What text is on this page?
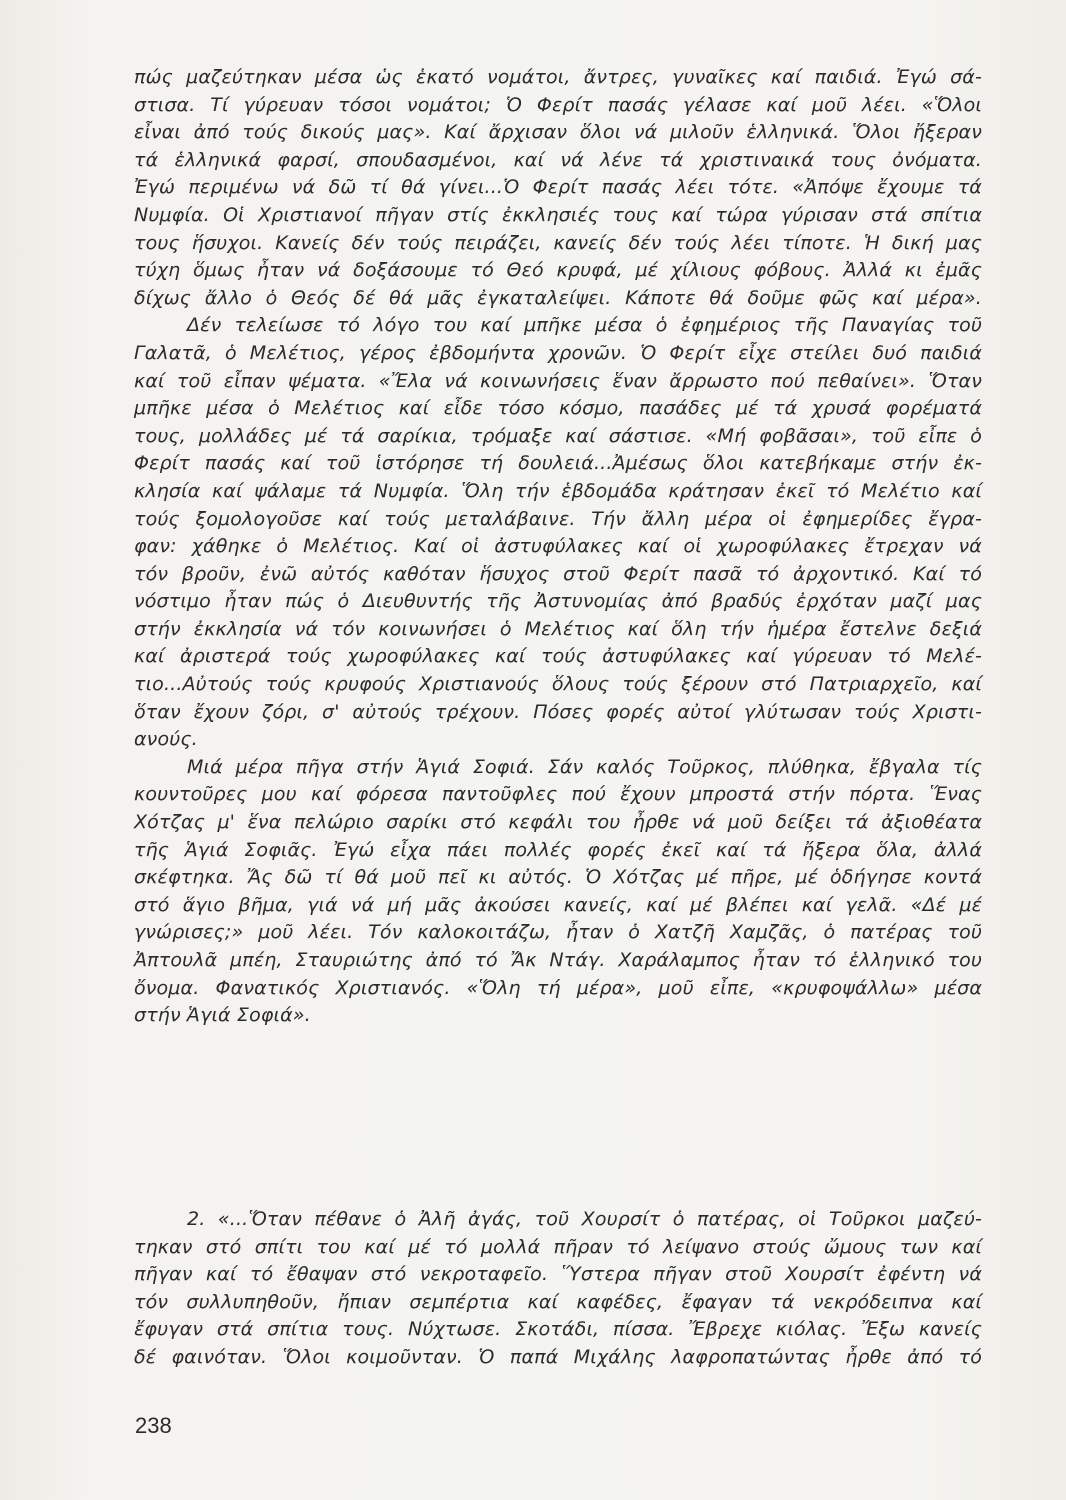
πώς μαζεύτηκαν μέσα ὡς ἑκατό νομάτοι, ἄντρες, γυναῖκες καί παιδιά. Ἐγώ σά-
στισα. Τί γύρευαν τόσοι νομάτοι; Ὁ Φερίτ πασάς γέλασε καί μοῦ λέει. «Ὅλοι
εἶναι ἀπό τούς δικούς μας». Καί ἄρχισαν ὅλοι νά μιλοῦν ἑλληνικά. Ὅλοι ἤξεραν
τά ἑλληνικά φαρσί, σπουδασμένοι, καί νά λένε τά χριστιναικά τους ὀνόματα.
Ἐγώ περιμένω νά δῶ τί θά γίνει...Ὁ Φερίτ πασάς λέει τότε. «Ἀπόψε ἔχουμε τά
Νυμφία. Οἱ Χριστιανοί πῆγαν στίς ἐκκλησιές τους καί τώρα γύρισαν στά σπίτια
τους ἥσυχοι. Κανείς δέν τούς πειράζει, κανείς δέν τούς λέει τίποτε. Ἡ δική μας
τύχη ὅμως ἦταν νά δοξάσουμε τό Θεό κρυφά, μέ χίλιους φόβους. Ἀλλά κι ἐμᾶς
δίχως ἄλλο ὁ Θεός δέ θά μᾶς ἐγκαταλείψει. Κάποτε θά δοῦμε φῶς καί μέρα».

Δέν τελείωσε τό λόγο του καί μπῆκε μέσα ὁ ἐφημέριος τῆς Παναγίας τοῦ
Γαλατᾶ, ὁ Μελέτιος, γέρος ἐβδομήντα χρονῶν. Ὁ Φερίτ εἶχε στείλει δυό παιδιά
καί τοῦ εἶπαν ψέματα. «Ἔλα νά κοινωνήσεις ἕναν ἄρρωστο πού πεθαίνει». Ὅταν
μπῆκε μέσα ὁ Μελέτιος καί εἶδε τόσο κόσμο, πασάδες μέ τά χρυσά φορέματά
τους, μολλάδες μέ τά σαρίκια, τρόμαξε καί σάστισε. «Μή φοβᾶσαι», τοῦ εἶπε ὁ
Φερίτ πασάς καί τοῦ ἱστόρησε τή δουλειά...Ἀμέσως ὅλοι κατεβήκαμε στήν ἐκ-
κλησία καί ψάλαμε τά Νυμφία. Ὅλη τήν ἑβδομάδα κράτησαν ἐκεῖ τό Μελέτιο καί
τούς ξομολογοῦσε καί τούς μεταλάβαινε. Τήν ἄλλη μέρα οἱ ἐφημερίδες ἔγρα-
φαν: χάθηκε ὁ Μελέτιος. Καί οἱ ἀστυφύλακες καί οἱ χωροφύλακες ἔτρεχαν νά
τόν βροῦν, ἐνῶ αὐτός καθόταν ἥσυχος στοῦ Φερίτ πασᾶ τό ἀρχοντικό. Καί τό
νόστιμο ἦταν πώς ὁ Διευθυντής τῆς Ἀστυνομίας ἀπό βραδύς ἐρχόταν μαζί μας
στήν ἐκκλησία νά τόν κοινωνήσει ὁ Μελέτιος καί ὅλη τήν ἡμέρα ἔστελνε δεξιά
καί ἀριστερά τούς χωροφύλακες καί τούς ἀστυφύλακες καί γύρευαν τό Μελέ-
τιο...Αὐτούς τούς κρυφούς Χριστιανούς ὅλους τούς ξέρουν στό Πατριαρχεῖο, καί
ὅταν ἔχουν ζόρι, σ' αὐτούς τρέχουν. Πόσες φορές αὐτοί γλύτωσαν τούς Χριστι-
ανούς.

Μιά μέρα πῆγα στήν Ἁγιά Σοφιά. Σάν καλός Τοῦρκος, πλύθηκα, ἔβγαλα τίς
κουντοῦρες μου καί φόρεσα παντοῦφλες πού ἔχουν μπροστά στήν πόρτα. Ἕνας
Χότζας μ' ἕνα πελώριο σαρίκι στό κεφάλι του ἦρθε νά μοῦ δείξει τά ἀξιοθέατα
τῆς Ἁγιά Σοφιᾶς. Ἐγώ εἶχα πάει πολλές φορές ἐκεῖ καί τά ἤξερα ὅλα, ἀλλά
σκέφτηκα. Ἄς δῶ τί θά μοῦ πεῖ κι αὐτός. Ὁ Χότζας μέ πῆρε, μέ ὁδήγησε κοντά
στό ἅγιο βῆμα, γιά νά μή μᾶς ἀκούσει κανείς, καί μέ βλέπει καί γελᾶ. «Δέ μέ
γνώρισες;» μοῦ λέει. Τόν καλοκοιτάζω, ἦταν ὁ Χατζῆ Χαμζᾶς, ὁ πατέρας τοῦ
Ἀπτουλᾶ μπέη, Σταυριώτης ἀπό τό Ἄκ Ντάγ. Χαράλαμπος ἦταν τό ἑλληνικό του
ὄνομα. Φανατικός Χριστιανός. «Ὅλη τή μέρα», μοῦ εἶπε, «κρυφοψάλλω» μέσα
στήν Ἁγιά Σοφιά».

2. «...Ὅταν πέθανε ὁ Ἀλῆ ἀγάς, τοῦ Χουρσίτ ὁ πατέρας, οἱ Τοῦρκοι μαζεύ-
τηκαν στό σπίτι του καί μέ τό μολλά πῆραν τό λείψανο στούς ὤμους των καί
πῆγαν καί τό ἔθαψαν στό νεκροταφεῖο. Ὕστερα πῆγαν στοῦ Χουρσίτ ἐφέντη νά
τόν συλλυπηθοῦν, ἤπιαν σεμπέρτια καί καφέδες, ἔφαγαν τά νεκρόδειπνα καί
ἔφυγαν στά σπίτια τους. Νύχτωσε. Σκοτάδι, πίσσα. Ἔβρεχε κιόλας. Ἔξω κανείς
δέ φαινόταν. Ὅλοι κοιμοῦνταν. Ὁ παπά Μιχάλης λαφροπατώντας ἦρθε ἀπό τό

238
